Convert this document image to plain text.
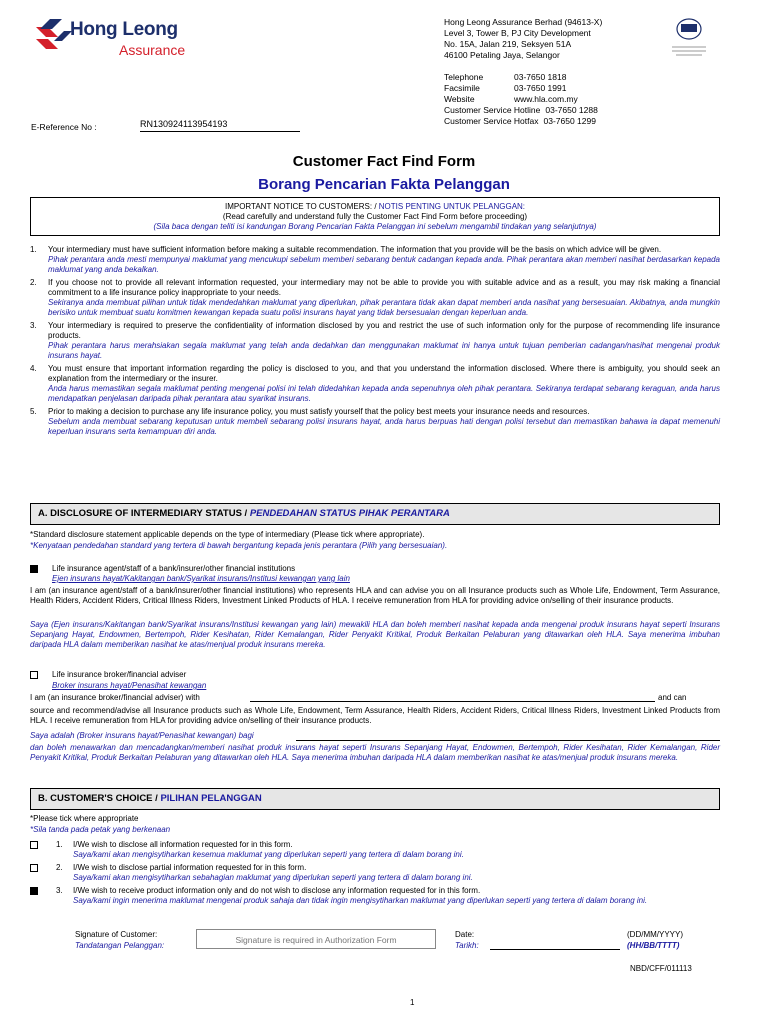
Hong Leong
Assurance
Hong Leong Assurance Berhad (94613-X)
Level 3, Tower B, PJ City Development
No. 15A, Jalan 219, Seksyen 51A
46100 Petaling Jaya, Selangor
Telephone	03-7650 1818
Facsimile	03-7650 1991
Website	www.hla.com.my
Customer Service Hotline 03-7650 1288
Customer Service Hotfax 03-7650 1299
E-Reference No :	RN130924113954193
Customer Fact Find Form
Borang Pencarian Fakta Pelanggan
IMPORTANT NOTICE TO CUSTOMERS: / NOTIS PENTING UNTUK PELANGGAN:
(Read carefully and understand fully the Customer Fact Find Form before proceeding)
(Sila baca dengan teliti isi kandungan Borang Pencarian Fakta Pelanggan ini sebelum mengambil tindakan yang selanjutnya)
1.	Your intermediary must have sufficient information before making a suitable recommendation. The information that you provide will be the basis on which advice will be given.
Pihak perantara anda mesti mempunyai maklumat yang mencukupi sebelum memberi sebarang bentuk cadangan kepada anda. Pihak perantara akan memberi nasihat berdasarkan kepada maklumat yang anda bekalkan.
2.	If you choose not to provide all relevant information requested, your intermediary may not be able to provide you with suitable advice and as a result, you may risk making a financial commitment to a life insurance policy inappropriate to your needs.
Sekiranya anda membuat pilihan untuk tidak mendedahkan maklumat yang diperlukan, pihak perantara tidak akan dapat memberi anda nasihat yang bersesuaian. Akibatnya, anda mungkin berisiko untuk membuat suatu komitmen kewangan kepada suatu polisi insurans hayat yang tidak bersesuaian dengan keperluan anda.
3.	Your intermediary is required to preserve the confidentiality of information disclosed by you and restrict the use of such information only for the purpose of recommending life insurance products.
Pihak perantara harus merahsiakan segala maklumat yang telah anda dedahkan dan menggunakan maklumat ini hanya untuk tujuan pemberian cadangan/nasihat mengenai produk insurans hayat.
4.	You must ensure that important information regarding the policy is disclosed to you, and that you understand the information disclosed. Where there is ambiguity, you should seek an explanation from the intermediary or the insurer.
Anda harus memastikan segala maklumat penting mengenai polisi ini telah didedahkan kepada anda sepenuhnya oleh pihak perantara. Sekiranya terdapat sebarang keraguan, anda harus mendapatkan penjelasan daripada pihak perantara atau syarikat insurans.
5.	Prior to making a decision to purchase any life insurance policy, you must satisfy yourself that the policy best meets your insurance needs and resources.
Sebelum anda membuat sebarang keputusan untuk membeli sebarang polisi insurans hayat, anda harus berpuas hati dengan polisi tersebut dan memastikan bahawa ia dapat memenuhi keperluan insurans serta kemampuan diri anda.
A. DISCLOSURE OF INTERMEDIARY STATUS / PENDEDAHAN STATUS PIHAK PERANTARA
*Standard disclosure statement applicable depends on the type of intermediary (Please tick where appropriate).
*Kenyataan pendedahan standard yang tertera di bawah bergantung kepada jenis perantara (Pilih yang bersesuaian).
Life insurance agent/staff of a bank/insurer/other financial institutions
Ejen insurans hayat/Kakitangan bank/Syarikat insurans/Institusi kewangan yang lain
I am (an insurance agent/staff of a bank/insurer/other financial institutions) who represents HLA and can advise you on all Insurance products such as Whole Life, Endowment, Term Assurance, Health Riders, Accident Riders, Critical Illness Riders, Investment Linked Products of HLA. I receive remuneration from HLA for providing advice on/selling of their insurance products.
Saya (Ejen insurans/Kakitangan bank/Syarikat insurans/Institusi kewangan yang lain) mewakili HLA dan boleh memberi nasihat kepada anda mengenai produk insurans hayat seperti Insurans Sepanjang Hayat, Endowmen, Bertempoh, Rider Kesihatan, Rider Kemalangan, Rider Penyakit Kritikal, Produk Berkaitan Pelaburan yang ditawarkan oleh HLA. Saya menerima imbuhan daripada HLA dalam memberikan nasihat ke atas/menjual produk insurans mereka.
Life insurance broker/financial adviser
Broker insurans hayat/Penasihat kewangan
I am (an insurance broker/financial adviser) with	and can
source and recommend/advise all Insurance products such as Whole Life, Endowment, Term Assurance, Health Riders, Accident Riders, Critical Illness Riders, Investment Linked Products from HLA. I receive remuneration from HLA for providing advice on/selling of their insurance products.
Saya adalah (Broker insurans hayat/Penasihat kewangan) bagi
dan boleh menawarkan dan mencadangkan/memberi nasihat produk insurans hayat seperti Insurans Sepanjang Hayat, Endowmen, Bertempoh, Rider Kesihatan, Rider Kemalangan, Rider Penyakit Kritikal, Produk Berkaitan Pelaburan yang ditawarkan oleh HLA. Saya menerima imbuhan daripada HLA dalam memberikan nasihat ke atas/menjual produk insurans mereka.
B. CUSTOMER'S CHOICE / PILIHAN PELANGGAN
*Please tick where appropriate
*Sila tanda pada petak yang berkenaan
1.	I/We wish to disclose all information requested for in this form.
Saya/kami akan mengisytiharkan kesemua maklumat yang diperlukan seperti yang tertera di dalam borang ini.
2.	I/We wish to disclose partial information requested for in this form.
Saya/kami akan mengisytiharkan sebahagian maklumat yang diperlukan seperti yang tertera di dalam borang ini.
3.	I/We wish to receive product information only and do not wish to disclose any information requested for in this form.
Saya/kami ingin menerima maklumat mengenai produk sahaja dan tidak ingin mengisytiharkan maklumat yang diperlukan seperti yang tertera di dalam borang ini.
Signature of Customer:
Tandatangan Pelanggan:
Signature is required in Authorization Form
Date:
Tarikh:
(DD/MM/YYYY)
(HH/BB/TTTT)
NBD/CFF/011113
1
